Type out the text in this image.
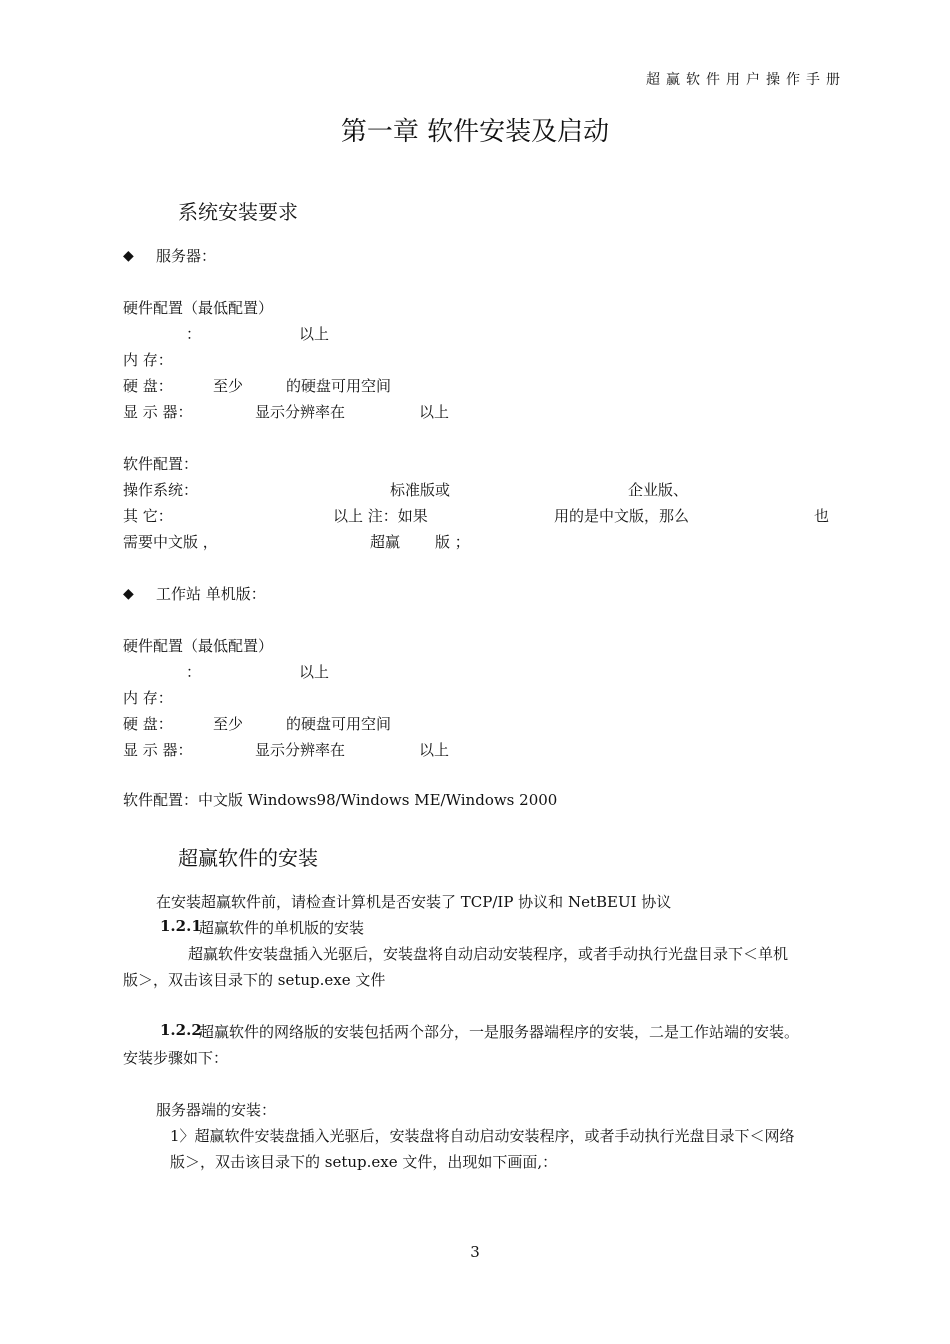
超赢软件用户操作手册
第一章 软件安装及启动
系统安装要求
◆ 服务器：
硬件配置（最低配置）
：	以上
内 存：
硬 盘：	至少	的硬盘可用空间
显 示 器：	显示分辨率在	以上
软件配置：
操作系统：	标准版或	企业版、
其 它：	以上 注：如果	用的是中文版，那么	也
需要中文版 ，	超赢 版 ；
◆ 工作站 单机版：
硬件配置（最低配置）
：	以上
内 存：
硬 盘：	至少	的硬盘可用空间
显 示 器：	显示分辨率在	以上
软件配置：中文版 Windows98/Windows ME/Windows 2000
超赢软件的安装
在安装超赢软件前，请检查计算机是否安装了 TCP/IP 协议和 NetBEUI 协议
1.2.1
超赢软件的单机版的安装
超赢软件安装盘插入光驱后，安装盘将自动启动安装程序，或者手动执行光盘目录下＜单机
版＞，双击该目录下的 setup.exe 文件
1.2.2
超赢软件的网络版的安装包括两个部分，一是服务器端程序的安装，二是工作站端的安装。
安装步骤如下：
服务器端的安装：
1〉超赢软件安装盘插入光驱后，安装盘将自动启动安装程序，或者手动执行光盘目录下＜网络
版＞，双击该目录下的 setup.exe 文件，出现如下画面,：
3
